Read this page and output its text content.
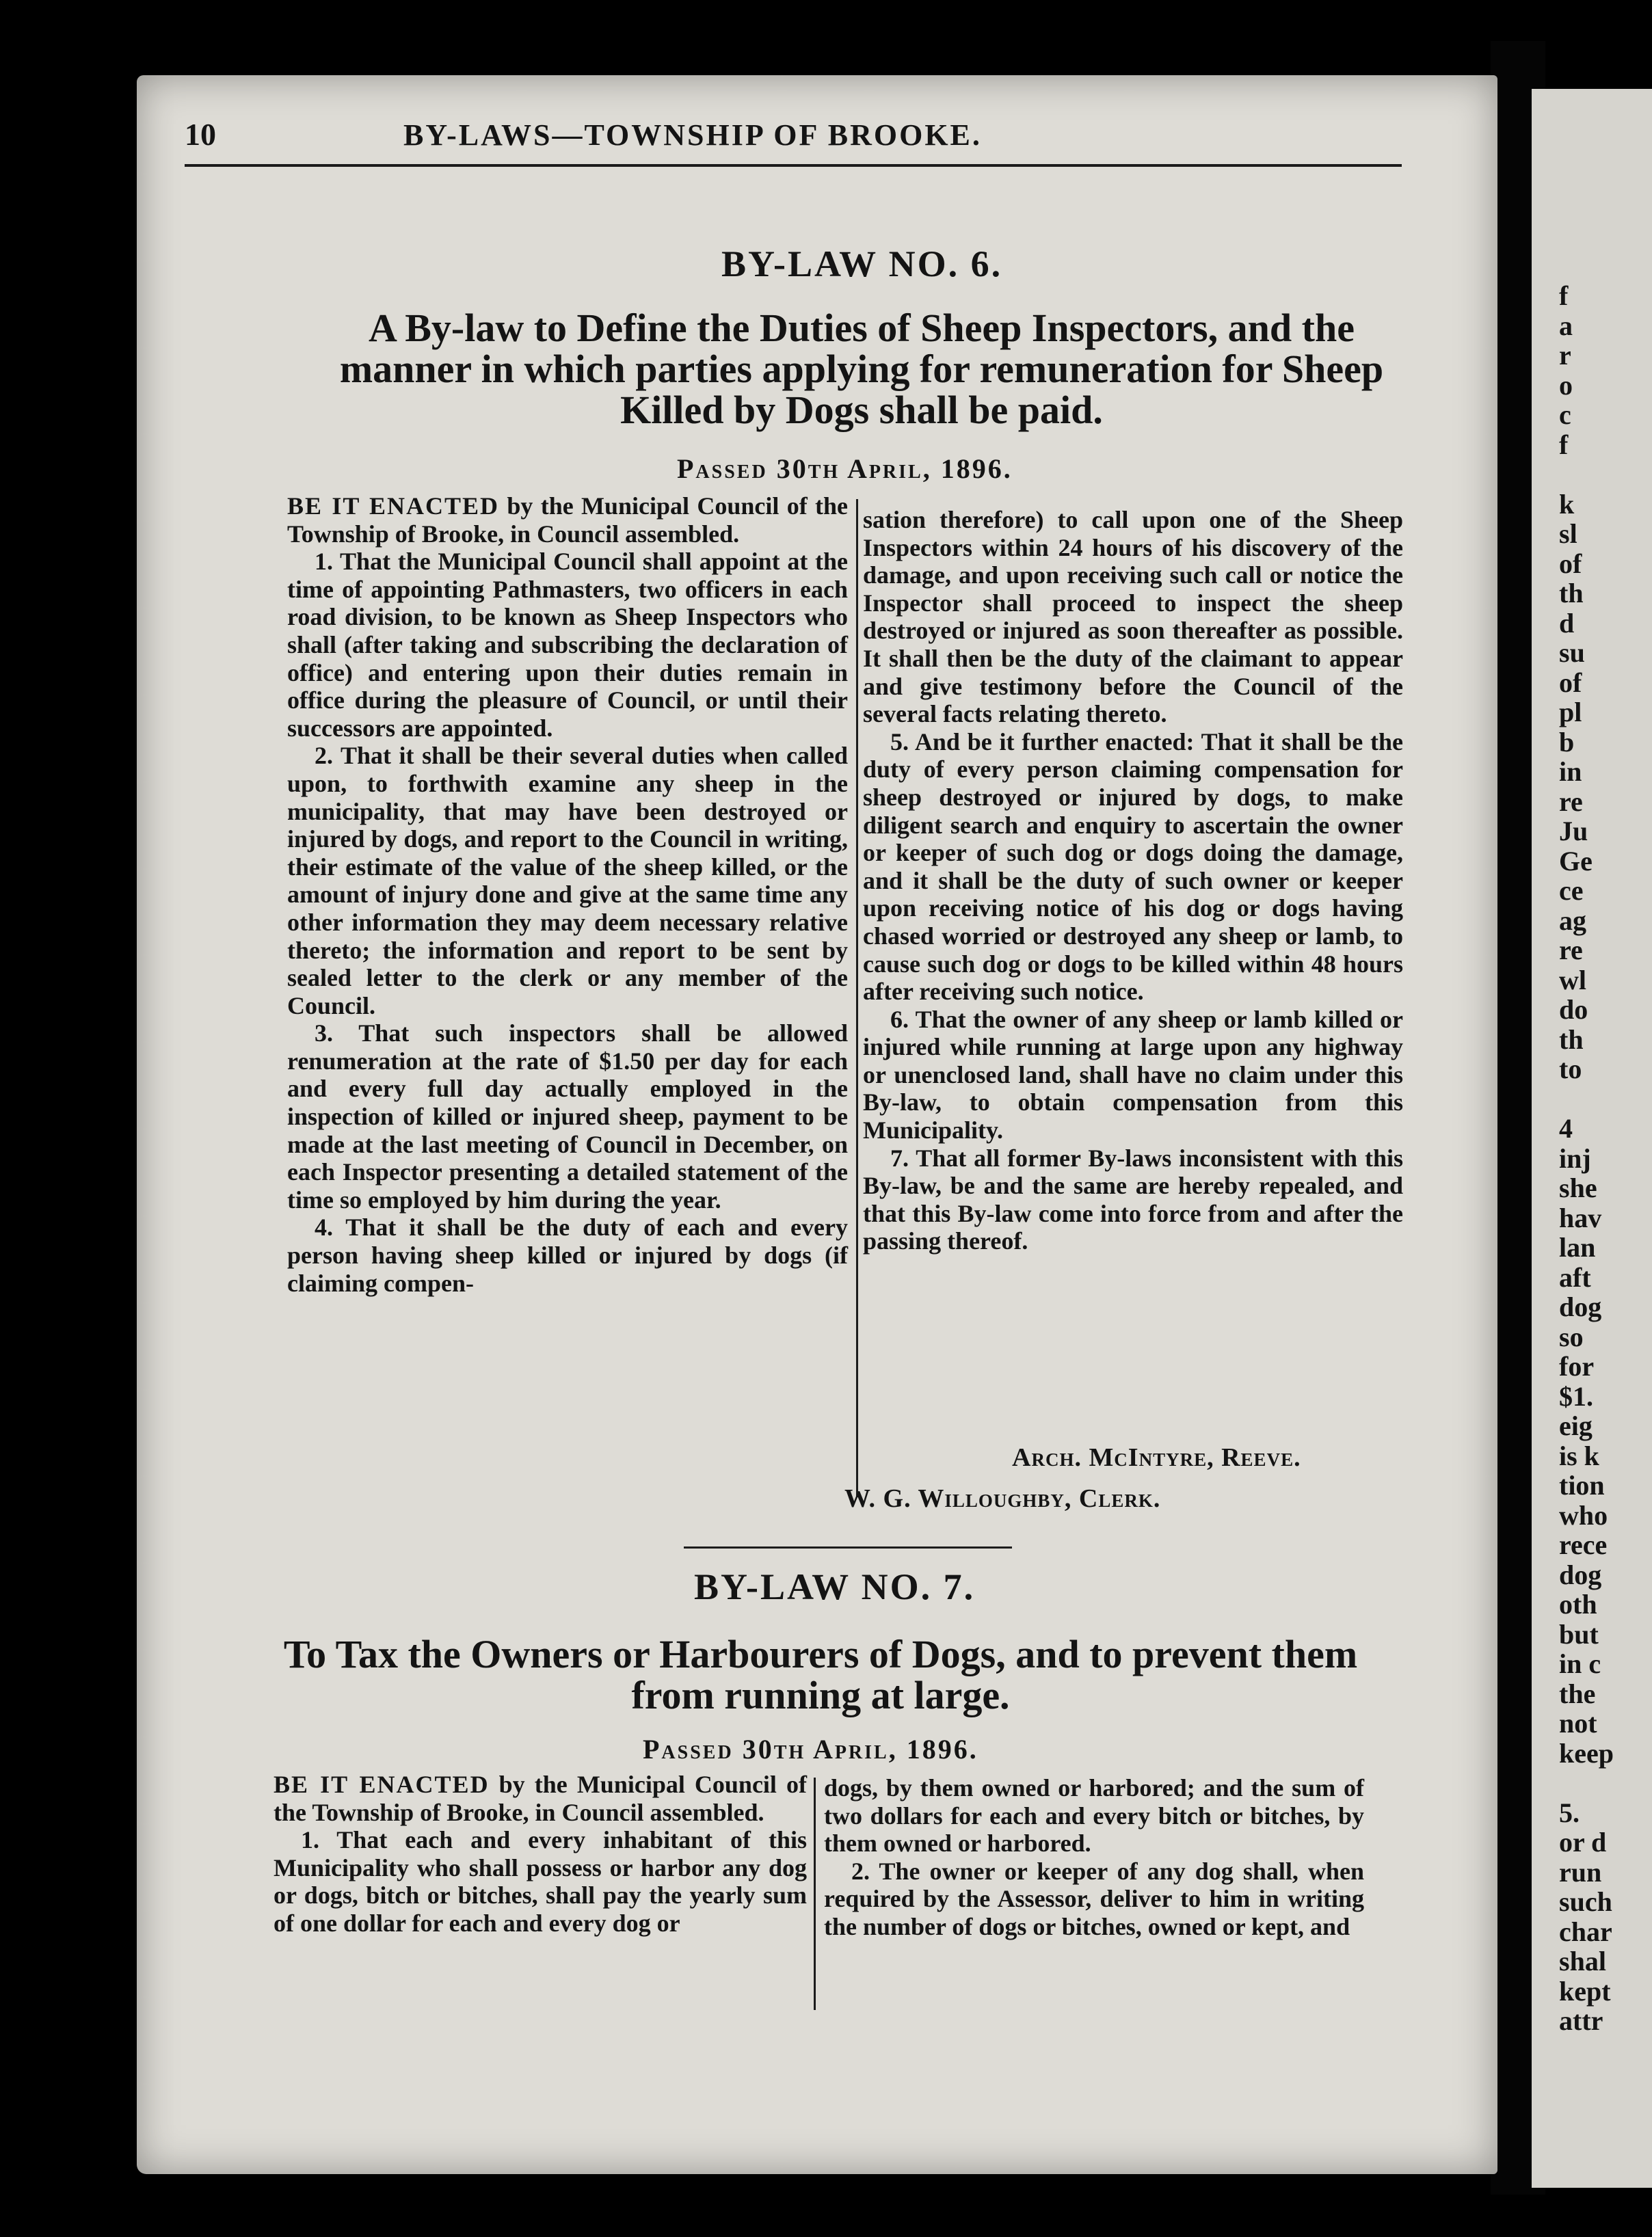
f
a
r
o
c
f
k
sl
of
th
d
su
of
pl
b
in
re
Ju
Ge
ce
ag
re
wl
do
th
to
4
inj
she
hav
lan
aft
dog
so
for
$1.
eig
is k
tion
who
rece
dog
oth
but
in c
the
not
keep
5.
or d
run
such
char
shal
kept
attr
10	BY-LAWS—TOWNSHIP OF BROOKE.
BY-LAW NO. 6.
A By-law to Define the Duties of Sheep Inspectors, and the manner in which parties applying for remuneration for Sheep Killed by Dogs shall be paid.
Passed 30th April, 1896.

BE IT ENACTED by the Municipal Council of the Township of Brooke, in Council assembled.

1. That the Municipal Council shall appoint at the time of appointing Pathmasters, two officers in each road division, to be known as Sheep Inspectors who shall (after taking and subscribing the declaration of office) and entering upon their duties remain in office during the pleasure of Council, or until their successors are appointed.

2. That it shall be their several duties when called upon, to forthwith examine any sheep in the municipality, that may have been destroyed or injured by dogs, and report to the Council in writing, their estimate of the value of the sheep killed, or the amount of injury done and give at the same time any other information they may deem necessary relative thereto; the information and report to be sent by sealed letter to the clerk or any member of the Council.

3. That such inspectors shall be allowed renumeration at the rate of $1.50 per day for each and every full day actually employed in the inspection of killed or injured sheep, payment to be made at the last meeting of Council in December, on each Inspector presenting a detailed statement of the time so employed by him during the year.

4. That it shall be the duty of each and every person having sheep killed or injured by dogs (if claiming compen-

sation therefore) to call upon one of the Sheep Inspectors within 24 hours of his discovery of the damage, and upon receiving such call or notice the Inspector shall proceed to inspect the sheep destroyed or injured as soon thereafter as possible. It shall then be the duty of the claimant to appear and give testimony before the Council of the several facts relating thereto.

5. And be it further enacted: That it shall be the duty of every person claiming compensation for sheep destroyed or injured by dogs, to make diligent search and enquiry to ascertain the owner or keeper of such dog or dogs doing the damage, and it shall be the duty of such owner or keeper upon receiving notice of his dog or dogs having chased worried or destroyed any sheep or lamb, to cause such dog or dogs to be killed within 48 hours after receiving such notice.

6. That the owner of any sheep or lamb killed or injured while running at large upon any highway or unenclosed land, shall have no claim under this By-law, to obtain compensation from this Municipality.

7. That all former By-laws inconsistent with this By-law, be and the same are hereby repealed, and that this By-law come into force from and after the passing thereof.

Arch. McIntyre, Reeve.
W. G. Willoughby, Clerk.
BY-LAW NO. 7.
To Tax the Owners or Harbourers of Dogs, and to prevent them from running at large.
Passed 30th April, 1896.

BE IT ENACTED by the Municipal Council of the Township of Brooke, in Council assembled.

1. That each and every inhabitant of this Municipality who shall possess or harbor any dog or dogs, bitch or bitches, shall pay the yearly sum of one dollar for each and every dog or

dogs, by them owned or harbored; and the sum of two dollars for each and every bitch or bitches, by them owned or harbored.

2. The owner or keeper of any dog shall, when required by the Assessor, deliver to him in writing the number of dogs or bitches, owned or kept, and
